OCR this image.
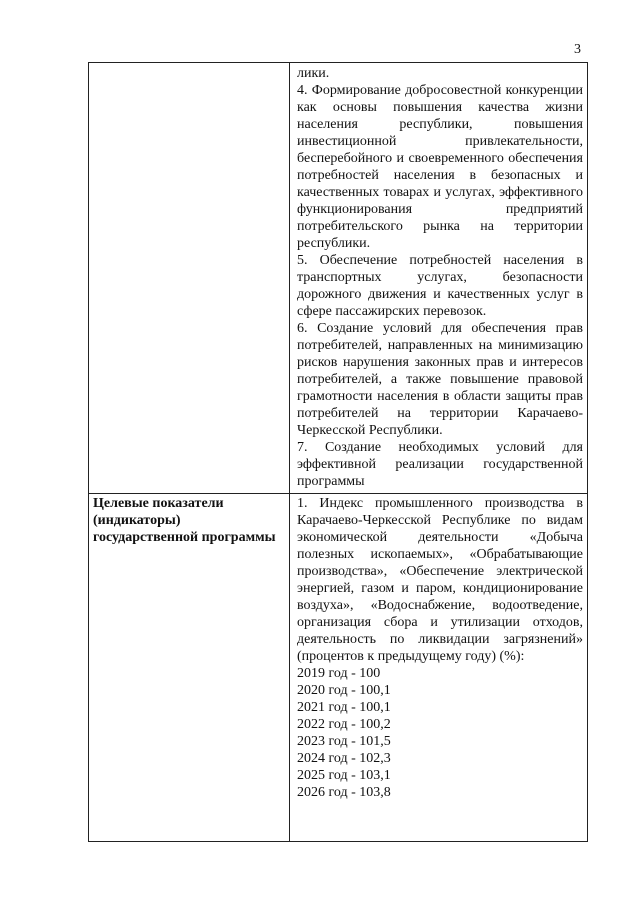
3

лики.

4. Формирование добросовестной конкуренции как основы повышения качества жизни населения республики, повышения инвестиционной привлекательности, бесперебойного и своевременного обеспечения потребностей населения в безопасных и качественных товарах и услугах, эффективного функционирования предприятий потребительского рынка на территории республики.

5. Обеспечение потребностей населения в транспортных услугах, безопасности дорожного движения и качественных услуг в сфере пассажирских перевозок.

6. Создание условий для обеспечения прав потребителей, направленных на минимизацию рисков нарушения законных прав и интересов потребителей, а также повышение правовой грамотности населения в области защиты прав потребителей на территории Карачаево-Черкесской Республики.

7. Создание необходимых условий для эффективной реализации государственной программы

Целевые показатели (индикаторы) государственной программы

1. Индекс промышленного производства в Карачаево-Черкесской Республике по видам экономической деятельности «Добыча полезных ископаемых», «Обрабатывающие производства», «Обеспечение электрической энергией, газом и паром, кондиционирование воздуха», «Водоснабжение, водоотведение, организация сбора и утилизации отходов, деятельность по ликвидации загрязнений» (процентов к предыдущему году) (%):

2019 год - 100
2020 год - 100,1
2021 год - 100,1
2022 год - 100,2
2023 год - 101,5
2024 год - 102,3
2025 год - 103,1
2026 год - 103,8
